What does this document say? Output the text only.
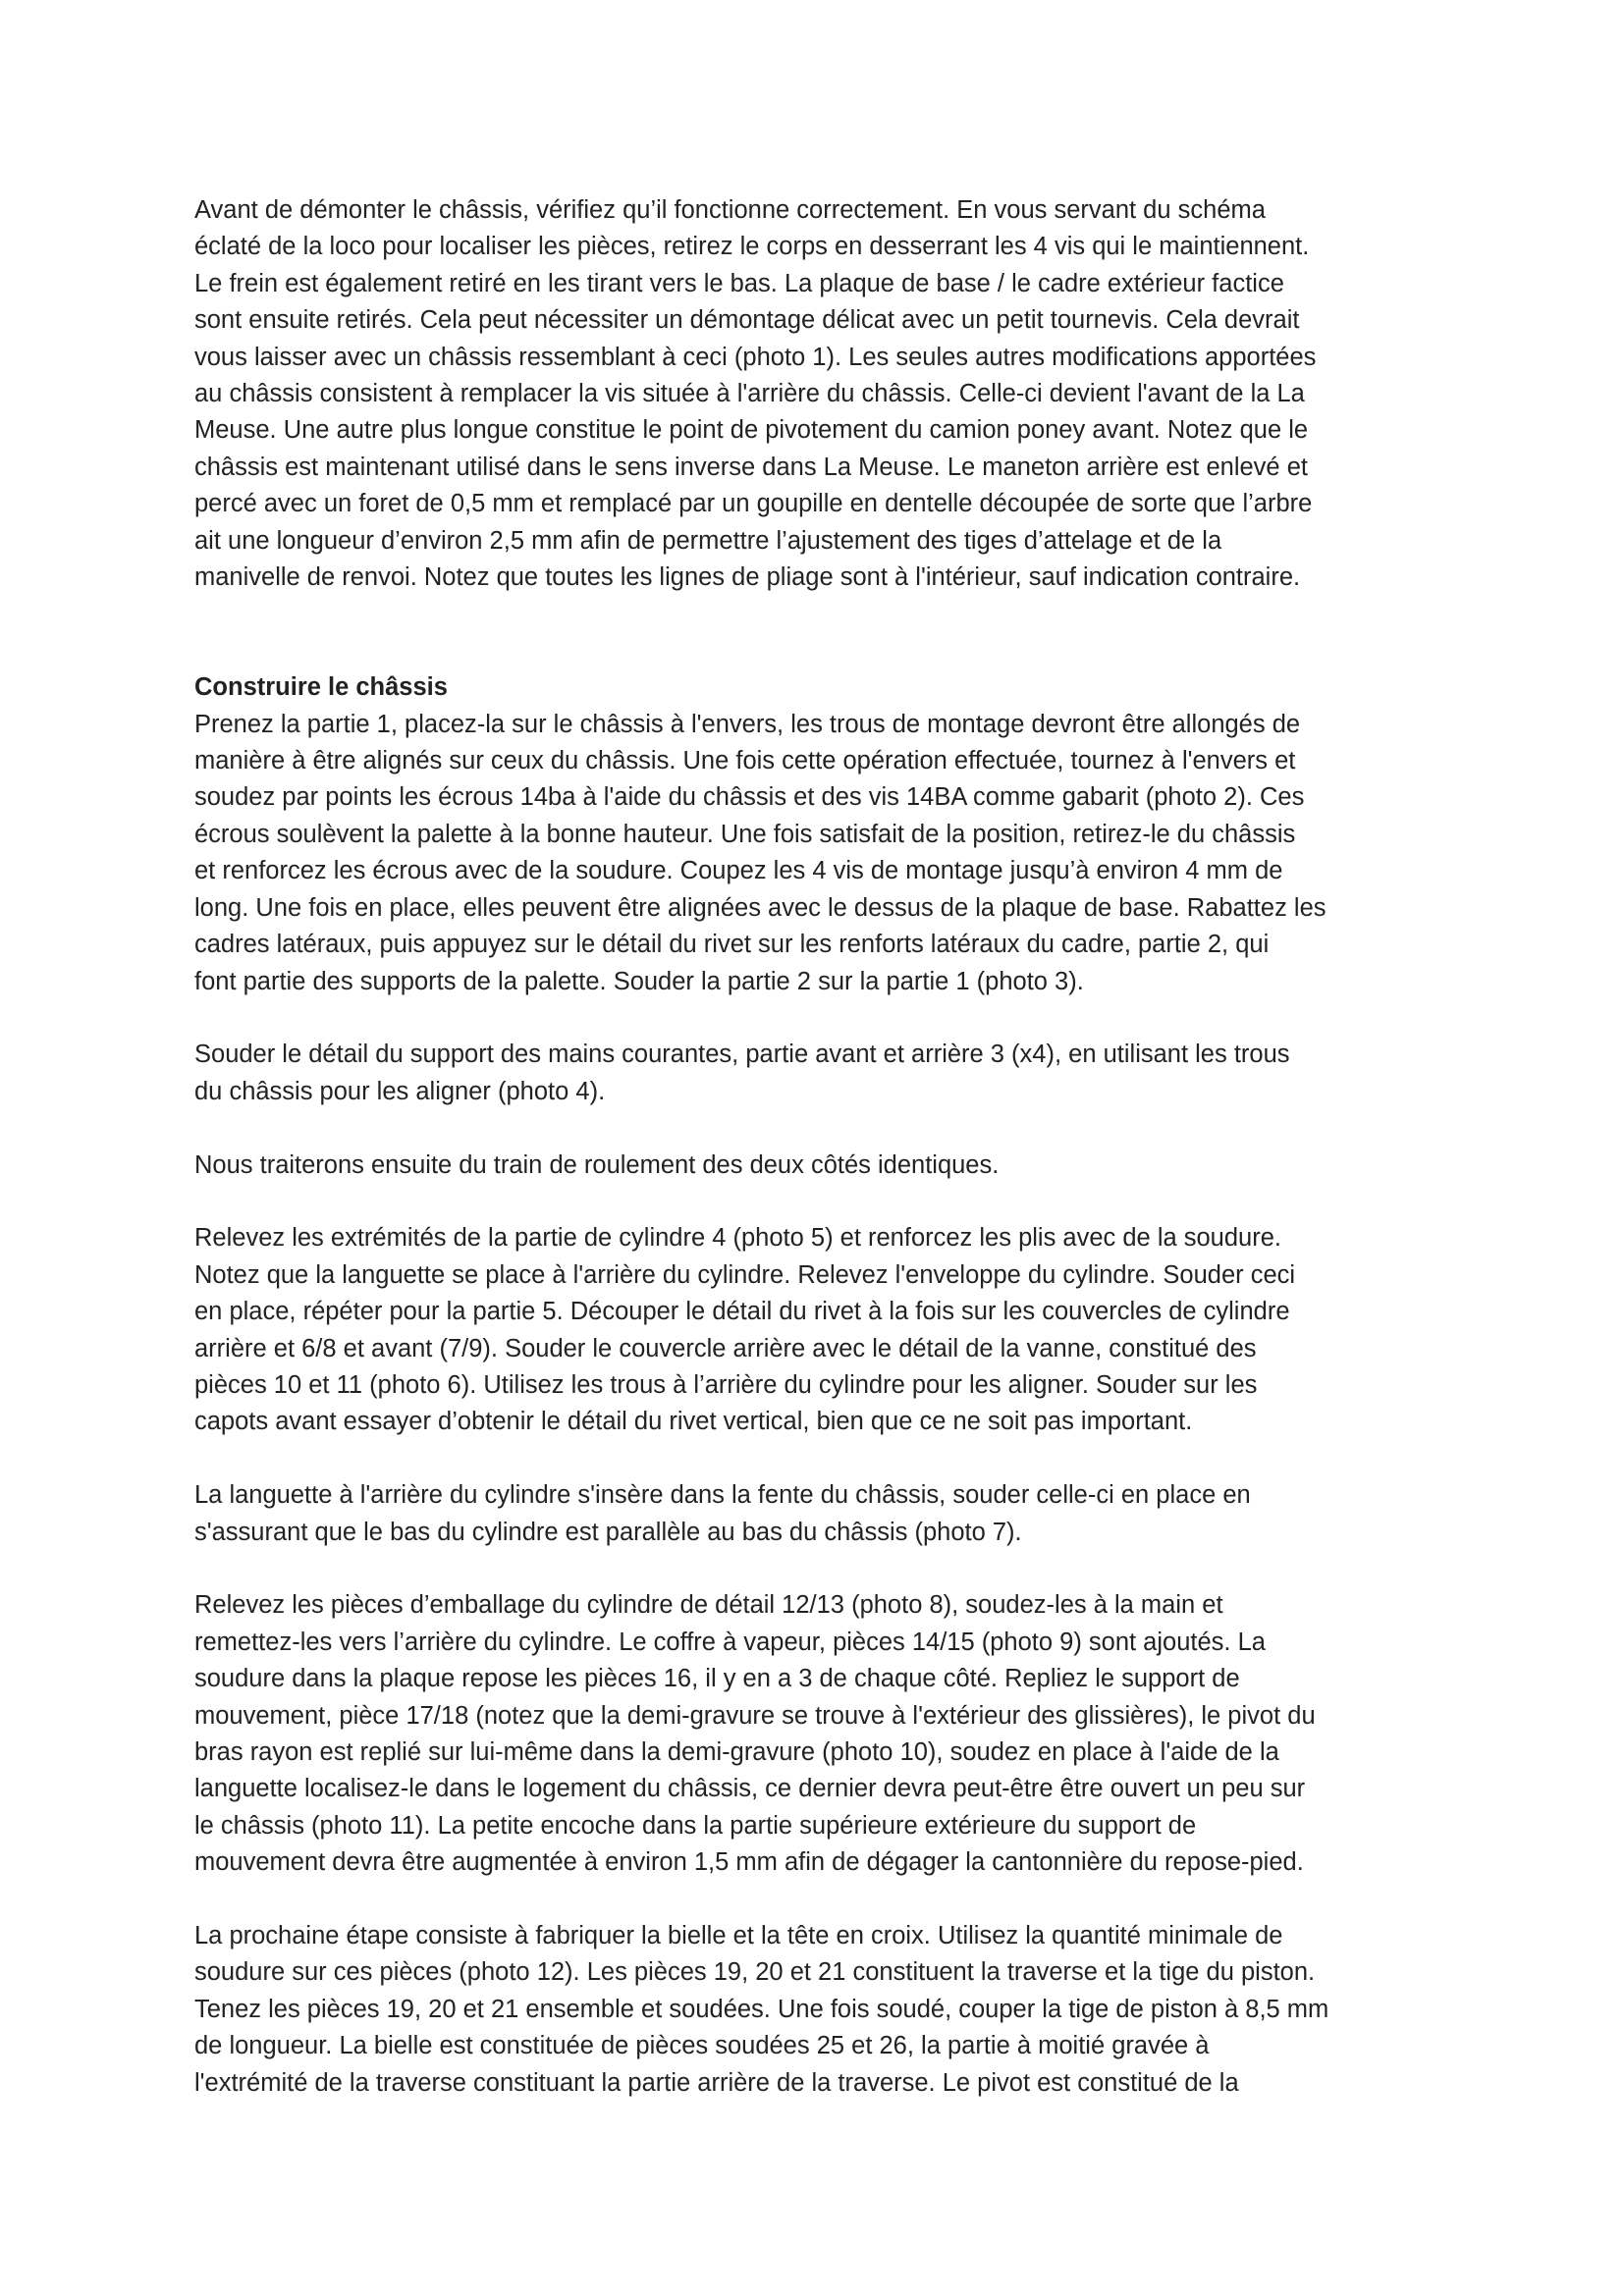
Avant de démonter le châssis, vérifiez qu’il fonctionne correctement. En vous servant du schéma
éclaté de la loco pour localiser les pièces, retirez le corps en desserrant les 4 vis qui le maintiennent.
Le frein est également retiré en les tirant vers le bas. La plaque de base / le cadre extérieur factice
sont ensuite retirés. Cela peut nécessiter un démontage délicat avec un petit tournevis. Cela devrait
vous laisser avec un châssis ressemblant à ceci (photo 1). Les seules autres modifications apportées
au châssis consistent à remplacer la vis située à l'arrière du châssis. Celle-ci devient l'avant de la La
Meuse. Une autre plus longue constitue le point de pivotement du camion poney avant. Notez que le
châssis est maintenant utilisé dans le sens inverse dans La Meuse. Le maneton arrière est enlevé et
percé avec un foret de 0,5 mm et remplacé par un goupille en dentelle découpée de sorte que l’arbre
ait une longueur d’environ 2,5 mm afin de permettre l’ajustement des tiges d’attelage et de la
manivelle de renvoi. Notez que toutes les lignes de pliage sont à l'intérieur, sauf indication contraire.
Construire le châssis
Prenez la partie 1, placez-la sur le châssis à l'envers, les trous de montage devront être allongés de
manière à être alignés sur ceux du châssis. Une fois cette opération effectuée, tournez à l'envers et
soudez par points les écrous 14ba à l'aide du châssis et des vis 14BA comme gabarit (photo 2). Ces
écrous soulèvent la palette à la bonne hauteur. Une fois satisfait de la position, retirez-le du châssis
et renforcez les écrous avec de la soudure. Coupez les 4 vis de montage jusqu’à environ 4 mm de
long. Une fois en place, elles peuvent être alignées avec le dessus de la plaque de base. Rabattez les
cadres latéraux, puis appuyez sur le détail du rivet sur les renforts latéraux du cadre, partie 2, qui
font partie des supports de la palette. Souder la partie 2 sur la partie 1 (photo 3).
Souder le détail du support des mains courantes, partie avant et arrière 3 (x4), en utilisant les trous
du châssis pour les aligner (photo 4).
Nous traiterons ensuite du train de roulement des deux côtés identiques.
Relevez les extrémités de la partie de cylindre 4 (photo 5) et renforcez les plis avec de la soudure.
Notez que la languette se place à l'arrière du cylindre. Relevez l'enveloppe du cylindre. Souder ceci
en place, répéter pour la partie 5. Découper le détail du rivet à la fois sur les couvercles de cylindre
arrière et 6/8 et avant (7/9). Souder le couvercle arrière avec le détail de la vanne, constitué des
pièces 10 et 11 (photo 6). Utilisez les trous à l’arrière du cylindre pour les aligner. Souder sur les
capots avant essayer d’obtenir le détail du rivet vertical, bien que ce ne soit pas important.
La languette à l'arrière du cylindre s'insère dans la fente du châssis, souder celle-ci en place en
s'assurant que le bas du cylindre est parallèle au bas du châssis (photo 7).
Relevez les pièces d’emballage du cylindre de détail 12/13 (photo 8), soudez-les à la main et
remettez-les vers l’arrière du cylindre. Le coffre à vapeur, pièces 14/15 (photo 9) sont ajoutés. La
soudure dans la plaque repose les pièces 16, il y en a 3 de chaque côté. Repliez le support de
mouvement, pièce 17/18 (notez que la demi-gravure se trouve à l'extérieur des glissières), le pivot du
bras rayon est replié sur lui-même dans la demi-gravure (photo 10), soudez en place à l'aide de la
languette localisez-le dans le logement du châssis, ce dernier devra peut-être être ouvert un peu sur
le châssis (photo 11). La petite encoche dans la partie supérieure extérieure du support de
mouvement devra être augmentée à environ 1,5 mm afin de dégager la cantonnière du repose-pied.
La prochaine étape consiste à fabriquer la bielle et la tête en croix. Utilisez la quantité minimale de
soudure sur ces pièces (photo 12). Les pièces 19, 20 et 21 constituent la traverse et la tige du piston.
Tenez les pièces 19, 20 et 21 ensemble et soudées. Une fois soudé, couper la tige de piston à 8,5 mm
de longueur. La bielle est constituée de pièces soudées 25 et 26, la partie à moitié gravée à
l'extrémité de la traverse constituant la partie arrière de la traverse. Le pivot est constitué de la
